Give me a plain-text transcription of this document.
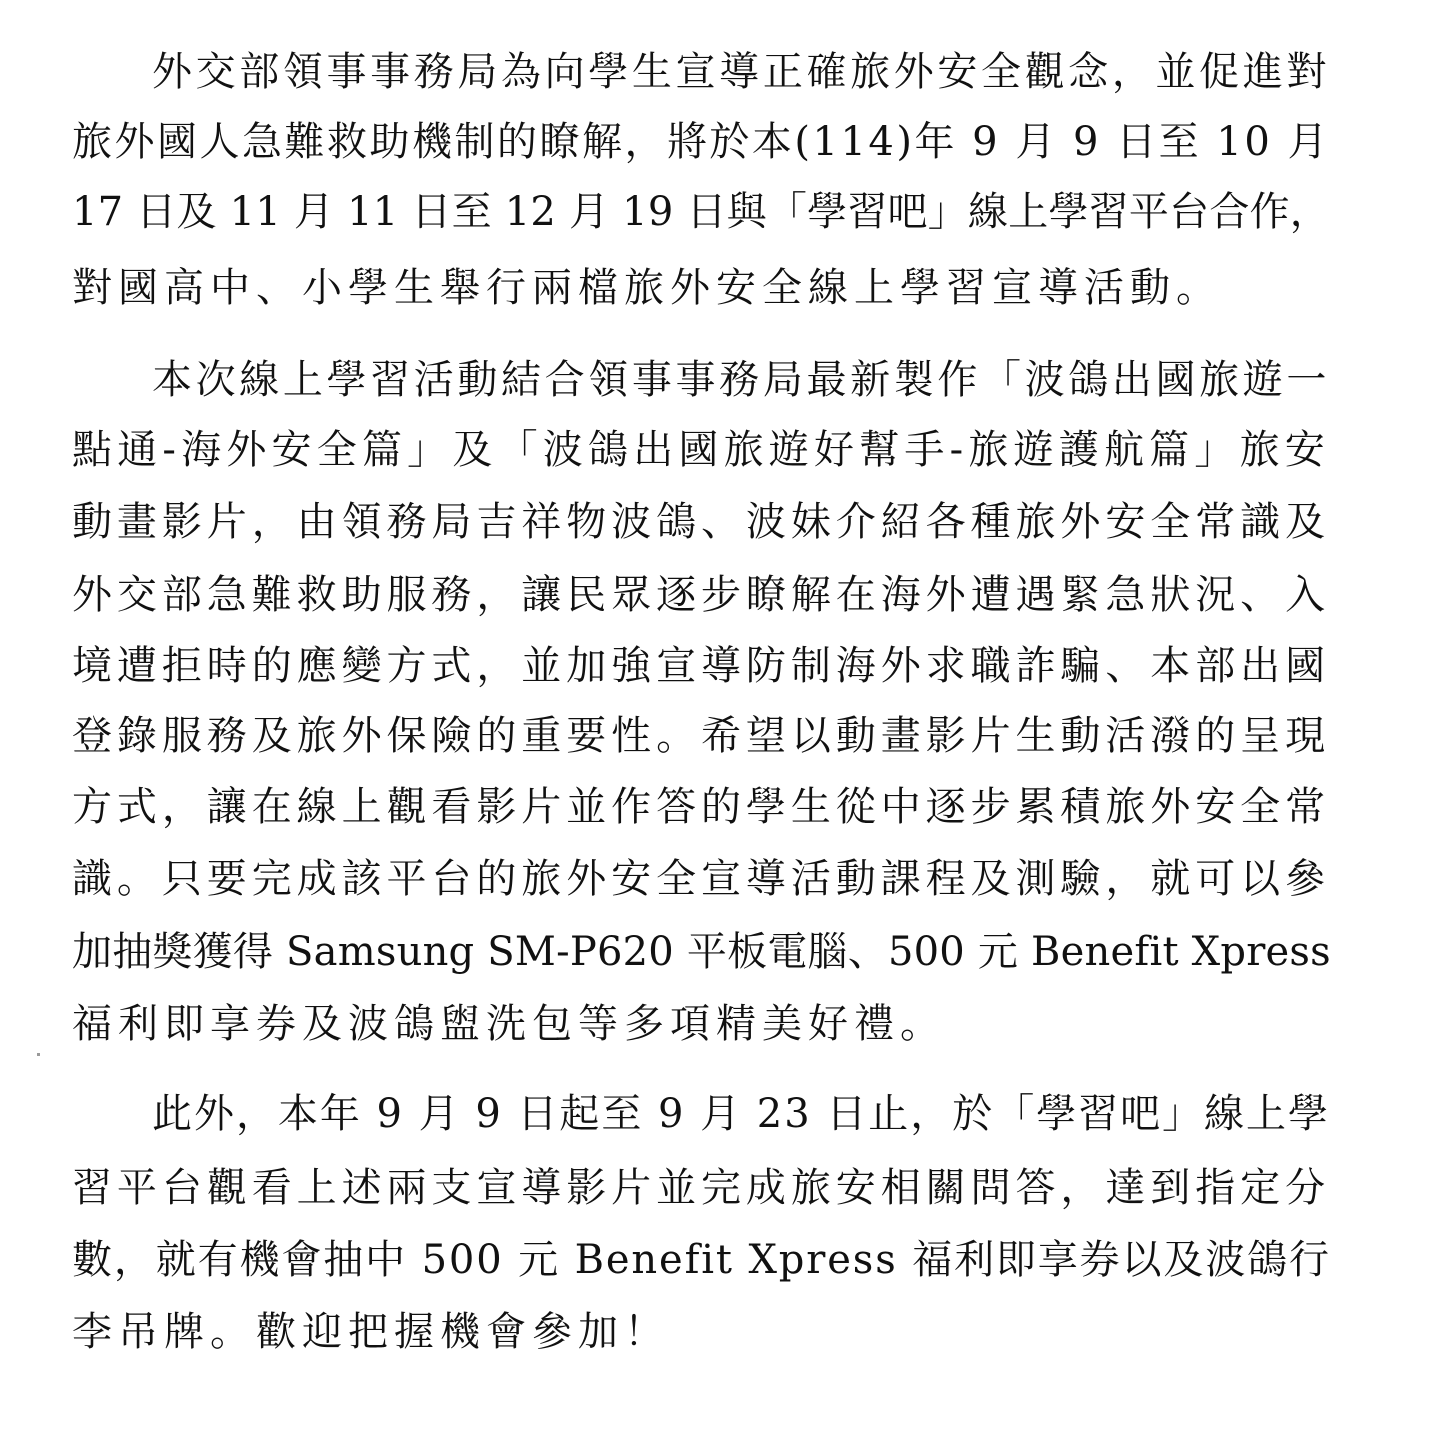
外交部領事事務局為向學生宣導正確旅外安全觀念，並促進對
旅外國人急難救助機制的瞭解，將於本(114)年 9 月 9 日至 10 月
17 日及 11 月 11 日至 12 月 19 日與「學習吧」線上學習平台合作，
對國高中、小學生舉行兩檔旅外安全線上學習宣導活動。
本次線上學習活動結合領事事務局最新製作「波鴿出國旅遊一
點通-海外安全篇」及「波鴿出國旅遊好幫手-旅遊護航篇」旅安
動畫影片，由領務局吉祥物波鴿、波妹介紹各種旅外安全常識及
外交部急難救助服務，讓民眾逐步瞭解在海外遭遇緊急狀況、入
境遭拒時的應變方式，並加強宣導防制海外求職詐騙、本部出國
登錄服務及旅外保險的重要性。希望以動畫影片生動活潑的呈現
方式，讓在線上觀看影片並作答的學生從中逐步累積旅外安全常
識。只要完成該平台的旅外安全宣導活動課程及測驗，就可以參
加抽獎獲得 Samsung SM-P620 平板電腦、500 元 Benefit Xpress
福利即享券及波鴿盥洗包等多項精美好禮。
此外，本年 9 月 9 日起至 9 月 23 日止，於「學習吧」線上學
習平台觀看上述兩支宣導影片並完成旅安相關問答，達到指定分
數，就有機會抽中 500 元 Benefit Xpress 福利即享券以及波鴿行
李吊牌。歡迎把握機會參加！
